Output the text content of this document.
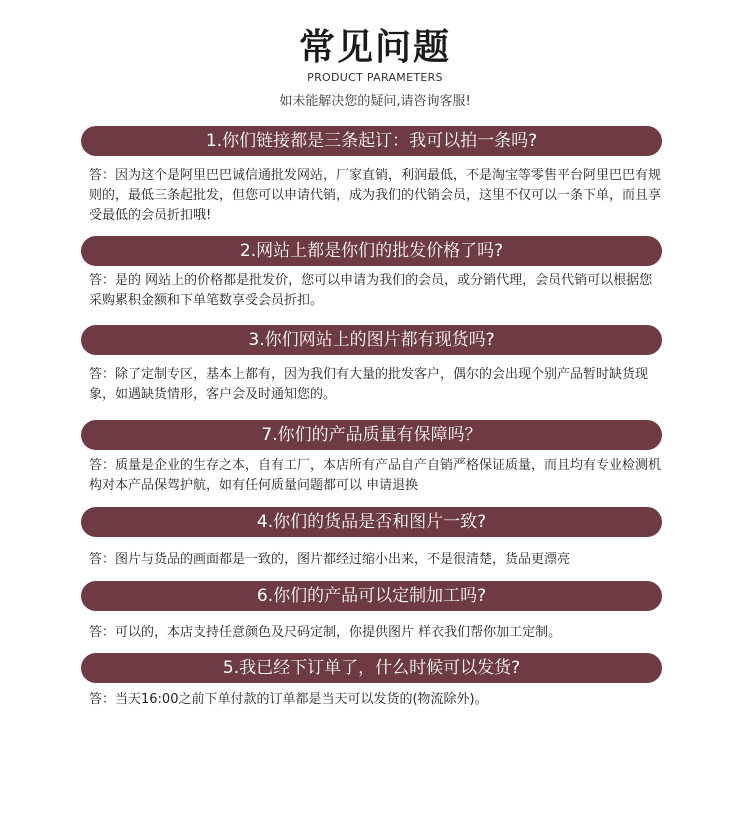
常见问题
PRODUCT PARAMETERS
如未能解决您的疑问,请咨询客服!
1.你们链接都是三条起订：我可以拍一条吗?
答：因为这个是阿里巴巴诚信通批发网站，厂家直销，利润最低，不是淘宝等零售平台阿里巴巴有规则的，最低三条起批发，但您可以申请代销，成为我们的代销会员，这里不仅可以一条下单，而且享受最低的会员折扣哦!
2.网站上都是你们的批发价格了吗?
答：是的 网站上的价格都是批发价，您可以申请为我们的会员，或分销代理，会员代销可以根据您采购累积金额和下单笔数享受会员折扣。
3.你们网站上的图片都有现货吗?
答：除了定制专区，基本上都有，因为我们有大量的批发客户，偶尔的会出现个别产品暂时缺货现象，如遇缺货情形，客户会及时通知您的。
7.你们的产品质量有保障吗？
答：质量是企业的生存之本，自有工厂，本店所有产品自产自销严格保证质量，而且均有专业检测机构对本产品保驾护航，如有任何质量问题都可以 申请退换
4.你们的货品是否和图片一致?
答：图片与货品的画面都是一致的，图片都经过缩小出来，不是很清楚，货品更漂亮
6.你们的产品可以定制加工吗?
答：可以的，本店支持任意颜色及尺码定制，你提供图片 样衣我们帮你加工定制。
5.我已经下订单了，什么时候可以发货?
答：当天16:00之前下单付款的订单都是当天可以发货的(物流除外)。
